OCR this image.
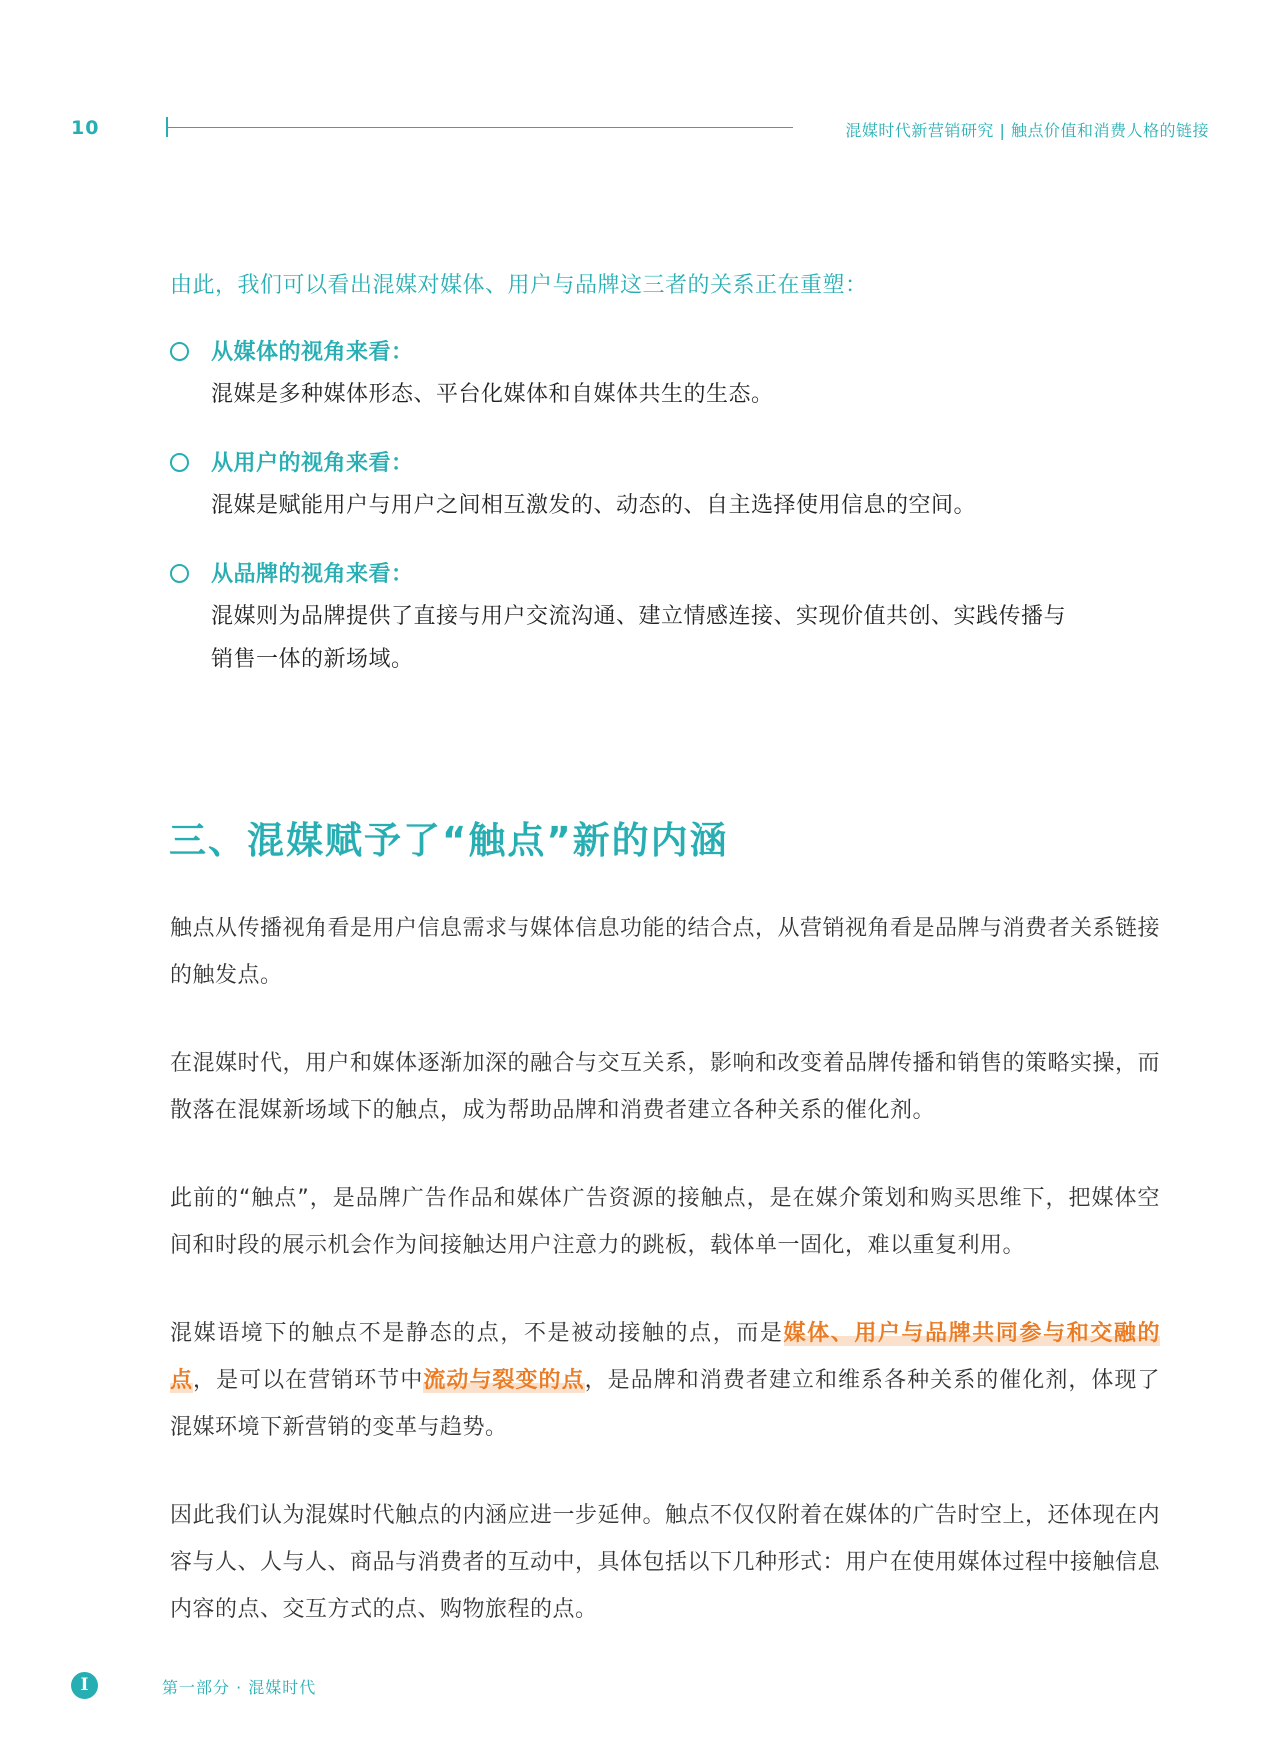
10	混媒时代新营销研究 | 触点价值和消费人格的链接
由此，我们可以看出混媒对媒体、用户与品牌这三者的关系正在重塑：
从媒体的视角来看：
混媒是多种媒体形态、平台化媒体和自媒体共生的生态。
从用户的视角来看：
混媒是赋能用户与用户之间相互激发的、动态的、自主选择使用信息的空间。
从品牌的视角来看：
混媒则为品牌提供了直接与用户交流沟通、建立情感连接、实现价值共创、实践传播与
销售一体的新场域。
三、混媒赋予了“触点”新的内涵

触点从传播视角看是用户信息需求与媒体信息功能的结合点，从营销视角看是品牌与消费者关系链接的触发点。

在混媒时代，用户和媒体逐渐加深的融合与交互关系，影响和改变着品牌传播和销售的策略实操，而散落在混媒新场域下的触点，成为帮助品牌和消费者建立各种关系的催化剂。

此前的“触点”，是品牌广告作品和媒体广告资源的接触点，是在媒介策划和购买思维下，把媒体空间和时段的展示机会作为间接触达用户注意力的跳板，载体单一固化，难以重复利用。

混媒语境下的触点不是静态的点，不是被动接触的点，而是媒体、用户与品牌共同参与和交融的点，是可以在营销环节中流动与裂变的点，是品牌和消费者建立和维系各种关系的催化剂，体现了混媒环境下新营销的变革与趋势。

因此我们认为混媒时代触点的内涵应进一步延伸。触点不仅仅附着在媒体的广告时空上，还体现在内容与人、人与人、商品与消费者的互动中，具体包括以下几种形式：用户在使用媒体过程中接触信息内容的点、交互方式的点、购物旅程的点。

I	第一部分 · 混媒时代
